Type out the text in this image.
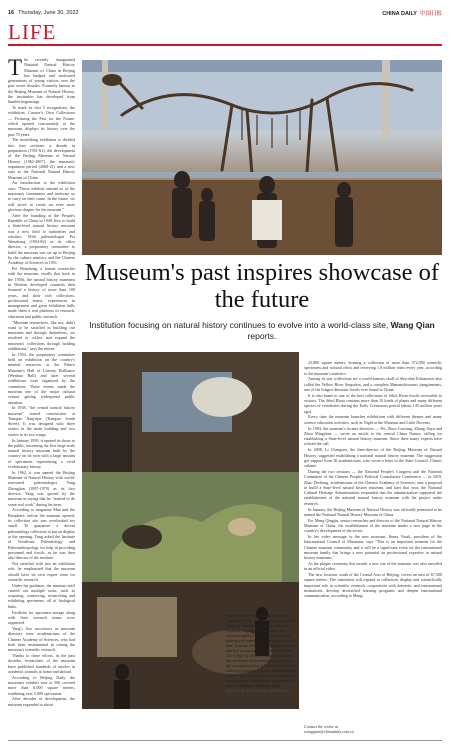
16 Thursday, June 30, 2022	CHINA DAILY 中国日报
LIFE
T he recently inaugurated National Natural History Museum of China in Beijing has budged and motivated generations of young visitors over the past seven decades. Formerly known as the Beijing Museum of Natural History, the institution has developed from humble beginnings.

To mark its first 5 recognitions, the exhibition, Curator's Own Collections — Picturing the Past for the Future, which opened concurrently at the museum, displays its history over the past 70 years.

The monthlong exhibition is divided into four sections: a decade in preparation (1951-61), the development of the Beijing Museum of Natural History (1962-2007), the museum's expansion period (2008-21) and a new start as the National Natural History Museum of China.

An introduction to the exhibition says: "Those exhibits remind us of the museum's forerunners and motivate us to carry on their cause. In the future, we will strive to create an even more glorious chapter for the museum."

After the founding of the People's Republic of China in 1949, how to build a State-level natural history museum was a new field to authorities and scholars. With paleontologist Pei Wenzhong (1904-82) as its office director, a preparatory committee to build the museum was set up in Beijing by the culture ministry and the Chinese Academy of Sciences in 1951.

Pei Wenzhong, a former researcher with the museum, recalls that back in the 1950s, the natural history museums in Western developed countries then featured a history of more than 100 years, and their rich collections, professional teams, experiences in management and great exhibition halls made them a real platform of research, education and public outreach.

"Museum researchers, like me, didn't want to be satisfied in building our museums and through themselves, we resolved to collect and expand the museum's collections through holding exhibitions," says the retiree.

In 1954, the preparatory committee held an exhibition on the country's mineral resources at the Palace Museum's Hall of Literary Brilliance (Wenhua Hall) and later several exhibitions were organized by the committee. These events made the museum one of the major cultural venues getting widespread public attention.

In 1958, "the central natural history museum" started construction at Tianqiao Nanjiajie (Tianqiao South Street). It was designed with three stories in the main building and two stories in its two wings.

In January 1959, it opened its doors to the public, becoming the first large-scale natural history museum built by the country on its own with a large amount of specimens representing a vivid evolutionary history.

In 1962, it was named the Beijing Museum of Natural History with world-renowned paleontologist Yang Zhongjian (1897-1979) as its first director. Yang was quoted by the museum as saying that he "wanted to do some real work" during his term.

According to magazine Man and the Biosphere, before the museum opened, its collection site was overlooked too small. To guarantee a decent paleontology collection to put on display at the opening, Yang asked the Institute of Vertebrate Paleontology and Paleoanthropology for help in providing personnel and fossils, as he was then also director of the institute.

Not satisfied with just an exhibition role, he emphasized that the museum should have its own expert team for scientific research.

Under his guidance, the museum staff carried out multiple tasks, such as acquiring, conserving, researching and exhibiting specimens, all of biological links.

Facilities for specimen storage along with their research teams were organized.

Yang's five successors as museum directors were academicians of the Chinese Academy of Sciences, who had both been instrumental in raising the museum's scientific research.

Thanks to these efforts, in the past decades, researchers of the museum have published hundreds of articles in academic journals at home and abroad.

According to Beijing Daily, the museum's exhibits rose to 560 covered more than 6,000 square meters, exhibiting over 5,000 specimens.

After decades of development, the museum expanded to about

Museum's past inspires showcase of the future
Institution focusing on natural history continues to evolve into a world-class site, Wang Qian reports.
Top: A teacher explains to people the evolution of the ancient ecosystem at the National Natural History Museum of China in Beijing. Bottom left: The museum gives a glimpse into the rich diversity of mammals, from polar bears to rats. Dozens of the new dinosaurs come into the rooms to the Dinosaur Park for The Origin of Human Beings exhibition, the evolution of humans is explained. A girl is engrossed by a fossil discovered in Liaoning province in 1940. Bottom right: Visitors tour a dinosaur fossil exhibition at the museum. Children are amazed by a cast of fossilized dinosaur eggs.
PHOTOS BY ZHU XINGXIN / CHINA DAILY

23,800 square meters, housing a collection of more than 372,000 scientific specimens and cultural relics and receiving 1.8 million visits every year, according to the museum's statistics.

Among its star collections are a world-famous skull of Shyrobia Erlianensis also called the Yellow River Stegodon, and a complete Mamenchisaurus jiangjunensis, one of the longest dinosaur fossils ever found in China.

It is also home to one of the best collections of Jehol Biota fossils accessible to visitors. The Jehol Biota contains more than 10 kinds of plants and many different species of vertebrates during the Early Cretaceous period (about 145 million years ago).

Every time the museum launches exhibitions with different themes and many science education activities, such as Night at the Museum and Little Docents.

In 1994, the museum's former directors — Pei, Zhou Guoxing, Zhang Jiayu and Zhou Mingzhen — wrote an article to the central China Nature, calling for establishing a State-level natural history museum. Since then, many experts have echoed the call.

In 2008, Li Chengsen, the then-director of the Beijing Museum of Natural History, suggested establishing a national natural history museum. The suggestion got support from 30 academicians, who wrote a letter to the State Council, China's cabinet.

During the two sessions — the National People's Congress and the National Committee of the Chinese People's Political Consultative Conference — in 2019, Zhao Decheng, academicians of the Chinese Academy of Sciences, sent a proposal to build a State-level natural history museum, and later that year, the National Cultural Heritage Administration responded that the administration supported the establishment of the national natural history museum with the project under research.

In January, the Beijing Museum of Natural History was officially permitted to be named the National Natural History Museum of China.

For Meng Qingjin, senior researcher and director of the National Natural History Museum of China, the establishment of the museum marks a new page in the country's development of the sector.

In her video message to the new museum, Ibarra Vaszk, president of the International Council of Museums, says "This is an important moment for the Chinese museum community and it will be a significant event for the international museum family that brings a new potential on professional expertise in natural history museums."

As the plaque ceremony this month, a new site of the museum was also unveiled in an official video.

The new location, south of the Central Axis of Beijing, covers an area of 67,500 square meters. The institution will expand to collection, display and scientifically important role in scientific research, cooperation with domestic and international institutions, develop diversified learning programs and deepen international communication, according to Meng.

Contact the writer at
wangqian@chinadaily.com.cn
